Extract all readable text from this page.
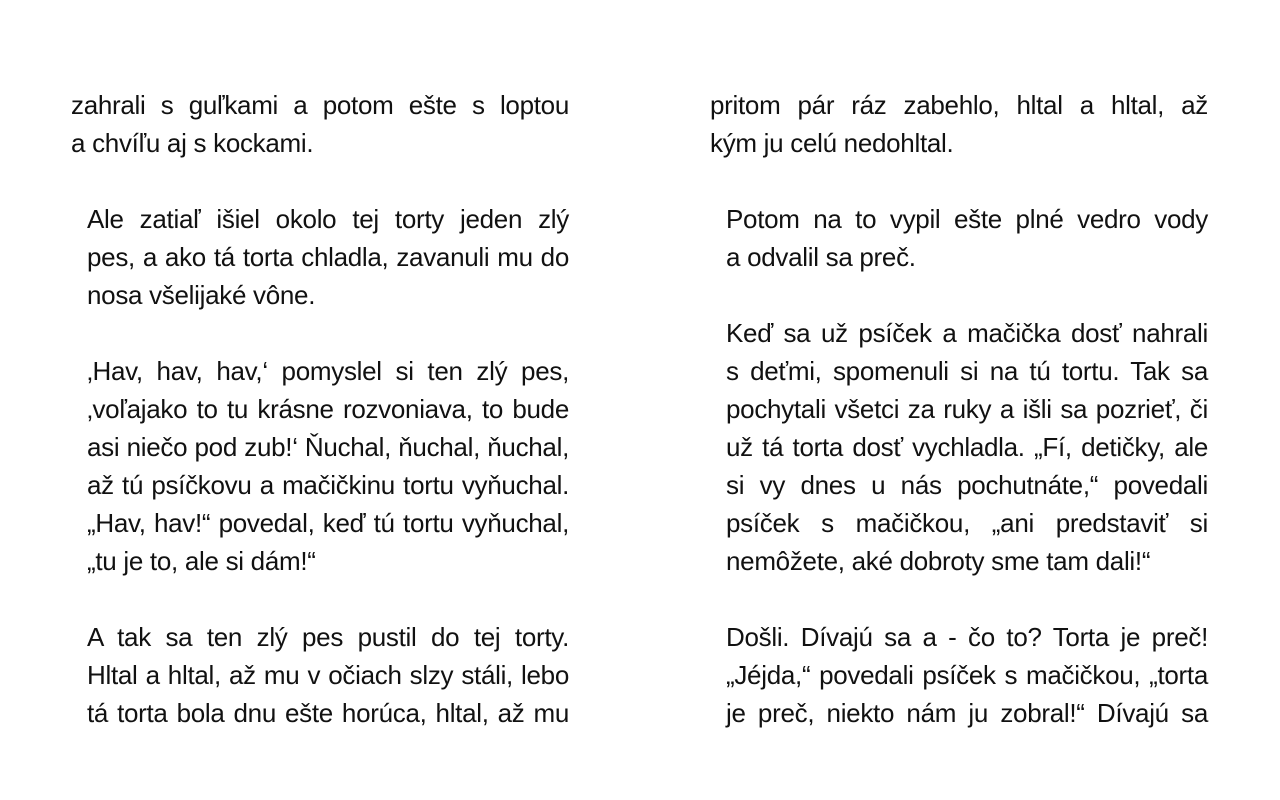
zahrali s guľkami a potom ešte s loptou
a chvíľu aj s kockami.

Ale zatiaľ išiel okolo tej torty jeden zlý
pes, a ako tá torta chladla, zavanuli mu do
nosa všelijaké vône.

‚Hav, hav, hav,‘ pomyslel si ten zlý pes,
‚voľajako to tu krásne rozvoniava, to bude
asi niečo pod zub!‘ Ňuchal, ňuchal, ňuchal,
až tú psíčkovu a mačičkinu tortu vyňuchal.
„Hav, hav!“ povedal, keď tú tortu vyňuchal,
„tu je to, ale si dám!“

A tak sa ten zlý pes pustil do tej torty.
Hltal a hltal, až mu v očiach slzy stáli, lebo
tá torta bola dnu ešte horúca, hltal, až mu

pritom pár ráz zabehlo, hltal a hltal, až
kým ju celú nedohltal.

Potom na to vypil ešte plné vedro vody
a odvalil sa preč.

Keď sa už psíček a mačička dosť nahrali
s deťmi, spomenuli si na tú tortu. Tak sa
pochytali všetci za ruky a išli sa pozrieť, či
už tá torta dosť vychladla. „Fí, detičky, ale
si vy dnes u nás pochutnáte,“ povedali
psíček s mačičkou, „ani predstaviť si
nemôžete, aké dobroty sme tam dali!“

Došli. Dívajú sa a - čo to? Torta je preč!
„Jéjda,“ povedali psíček s mačičkou, „torta
je preč, niekto nám ju zobral!“ Dívajú sa
